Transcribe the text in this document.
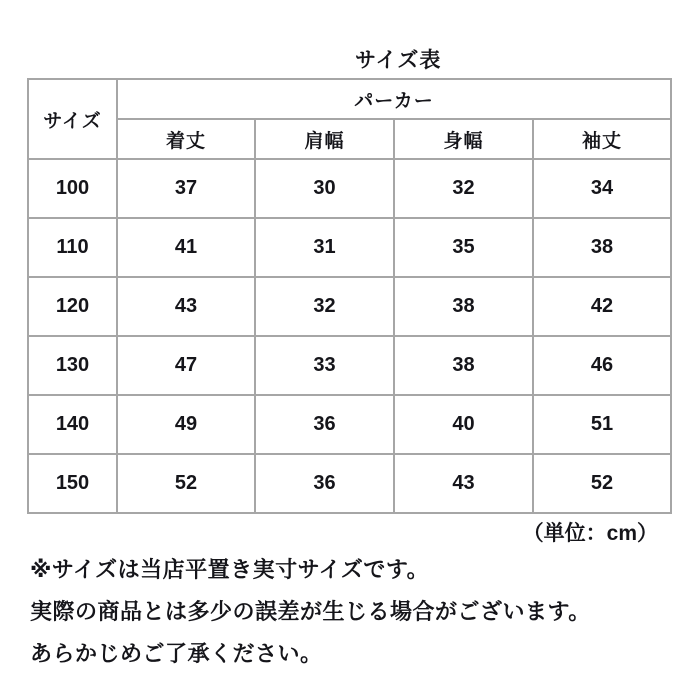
サイズ表
サイズ	パーカー			
	着丈	肩幅	身幅	袖丈
100	37	30	32	34
110	41	31	35	38
120	43	32	38	42
130	47	33	38	46
140	49	36	40	51
150	52	36	43	52
（単位：cm）
※サイズは当店平置き実寸サイズです。
実際の商品とは多少の誤差が生じる場合がございます。
あらかじめご了承ください。
